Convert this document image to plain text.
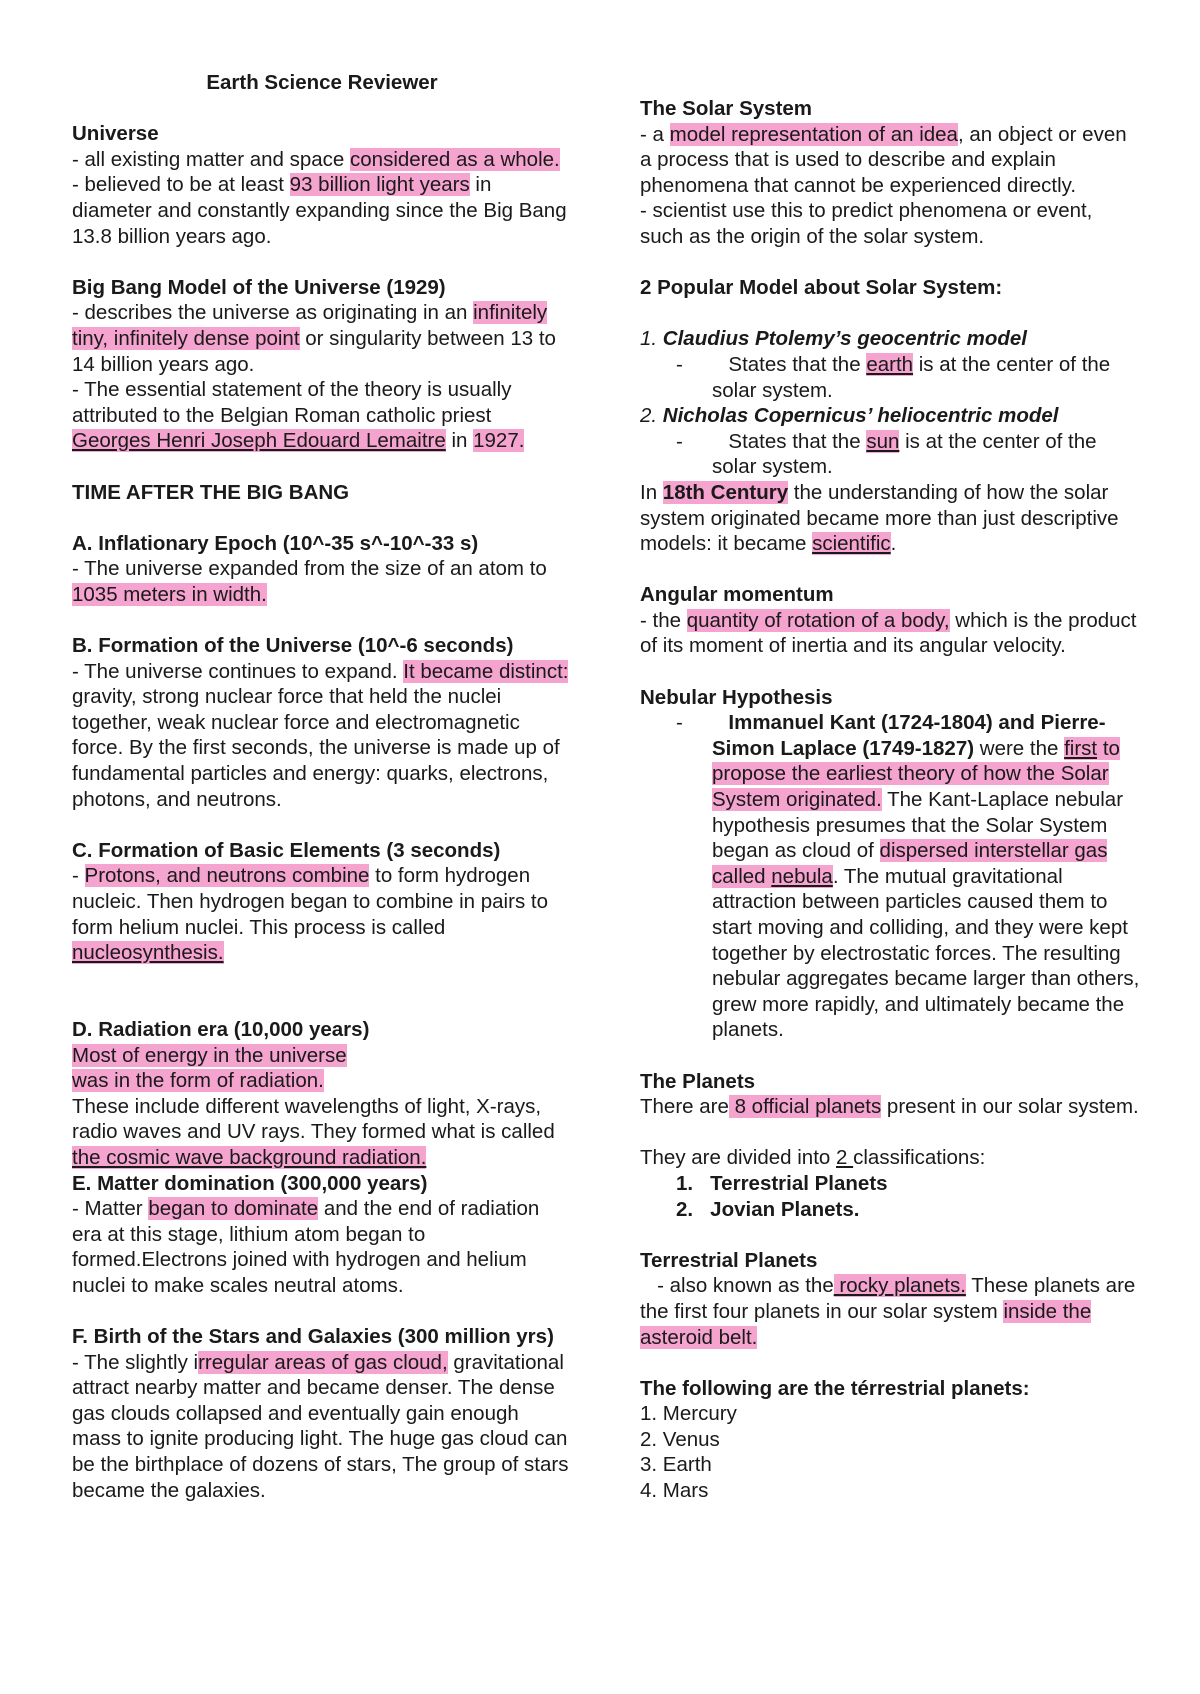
Earth Science Reviewer

Universe

- all existing matter and space considered as a whole.

- believed to be at least 93 billion light years in diameter and constantly expanding since the Big Bang 13.8 billion years ago.

Big Bang Model of the Universe (1929)

- describes the universe as originating in an infinitely tiny, infinitely dense point or singularity between 13 to 14 billion years ago.

- The essential statement of the theory is usually attributed to the Belgian Roman catholic priest Georges Henri Joseph Edouard Lemaitre in 1927.

TIME AFTER THE BIG BANG

A. Inflationary Epoch (10^-35 s^-10^-33 s)

- The universe expanded from the size of an atom to 1035 meters in width.

B. Formation of the Universe (10^-6 seconds)

- The universe continues to expand. It became distinct: gravity, strong nuclear force that held the nuclei together, weak nuclear force and electromagnetic force. By the first seconds, the universe is made up of fundamental particles and energy: quarks, electrons, photons, and neutrons.

C. Formation of Basic Elements (3 seconds)

- Protons, and neutrons combine to form hydrogen nucleic. Then hydrogen began to combine in pairs to form helium nuclei. This process is called nucleosynthesis.

D. Radiation era (10,000 years)

Most of energy in the universe

was in the form of radiation.

These include different wavelengths of light, X-rays, radio waves and UV rays. They formed what is called the cosmic wave background radiation.

E. Matter domination (300,000 years)

- Matter began to dominate and the end of radiation era at this stage, lithium atom began to formed.Electrons joined with hydrogen and helium nuclei to make scales neutral atoms.

F. Birth of the Stars and Galaxies (300 million yrs)

- The slightly irregular areas of gas cloud, gravitational attract nearby matter and became denser. The dense gas clouds collapsed and eventually gain enough mass to ignite producing light. The huge gas cloud can be the birthplace of dozens of stars, The group of stars became the galaxies.

The Solar System

- a model representation of an idea, an object or even a process that is used to describe and explain phenomena that cannot be experienced directly.

- scientist use this to predict phenomena or event, such as the origin of the solar system.

2 Popular Model about Solar System:

1. Claudius Ptolemy’s geocentric model

-        States that the earth is at the center of the solar system.

2. Nicholas Copernicus’ heliocentric model

-        States that the sun is at the center of the solar system.

In 18th Century the understanding of how the solar system originated became more than just descriptive models: it became scientific.

Angular momentum

- the quantity of rotation of a body, which is the product of its moment of inertia and its angular velocity.

Nebular Hypothesis

-        Immanuel Kant (1724-1804) and Pierre-Simon Laplace (1749-1827) were the first to propose the earliest theory of how the Solar System originated. The Kant-Laplace nebular hypothesis presumes that the Solar System began as cloud of dispersed interstellar gas called nebula. The mutual gravitational attraction between particles caused them to start moving and colliding, and they were kept together by electrostatic forces. The resulting nebular aggregates became larger than others, grew more rapidly, and ultimately became the planets.

The Planets

There are 8 official planets present in our solar system.

They are divided into 2 classifications:

1.   Terrestrial Planets

2.   Jovian Planets.

Terrestrial Planets

- also known as the rocky planets. These planets are the first four planets in our solar system inside the asteroid belt.

The following are the térrestrial planets:

1. Mercury

2. Venus

3. Earth

4. Mars
